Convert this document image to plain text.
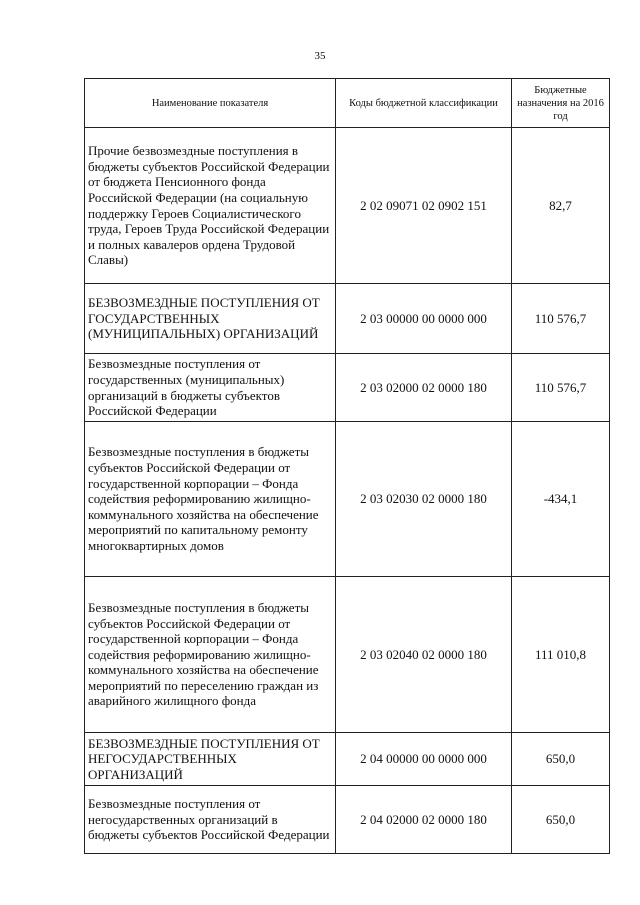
35
Наименование показателя	Коды бюджетной классификации	Бюджетные назначения на 2016 год
Прочие безвозмездные поступления в бюджеты субъектов Российской Федерации от бюджета Пенсионного фонда Российской Федерации (на социальную поддержку Героев Социалистического труда, Героев Труда Российской Федерации и полных кавалеров ордена Трудовой Славы)	2 02 09071 02 0902 151	82,7
БЕЗВОЗМЕЗДНЫЕ ПОСТУПЛЕНИЯ ОТ ГОСУДАРСТВЕННЫХ (МУНИЦИПАЛЬНЫХ) ОРГАНИЗАЦИЙ	2 03 00000 00 0000 000	110 576,7
Безвозмездные поступления от государственных (муниципальных) организаций в бюджеты субъектов Российской Федерации	2 03 02000 02 0000 180	110 576,7
Безвозмездные поступления в бюджеты субъектов Российской Федерации от государственной корпорации – Фонда содействия реформированию жилищно-коммунального хозяйства на обеспечение мероприятий по капитальному ремонту многоквартирных домов	2 03 02030 02 0000 180	-434,1
Безвозмездные поступления в бюджеты субъектов Российской Федерации от государственной корпорации – Фонда содействия реформированию жилищно-коммунального хозяйства на обеспечение мероприятий по переселению граждан из аварийного жилищного фонда	2 03 02040 02 0000 180	111 010,8
БЕЗВОЗМЕЗДНЫЕ ПОСТУПЛЕНИЯ ОТ НЕГОСУДАРСТВЕННЫХ ОРГАНИЗАЦИЙ	2 04 00000 00 0000 000	650,0
Безвозмездные поступления от негосударственных организаций в бюджеты субъектов Российской Федерации	2 04 02000 02 0000 180	650,0
